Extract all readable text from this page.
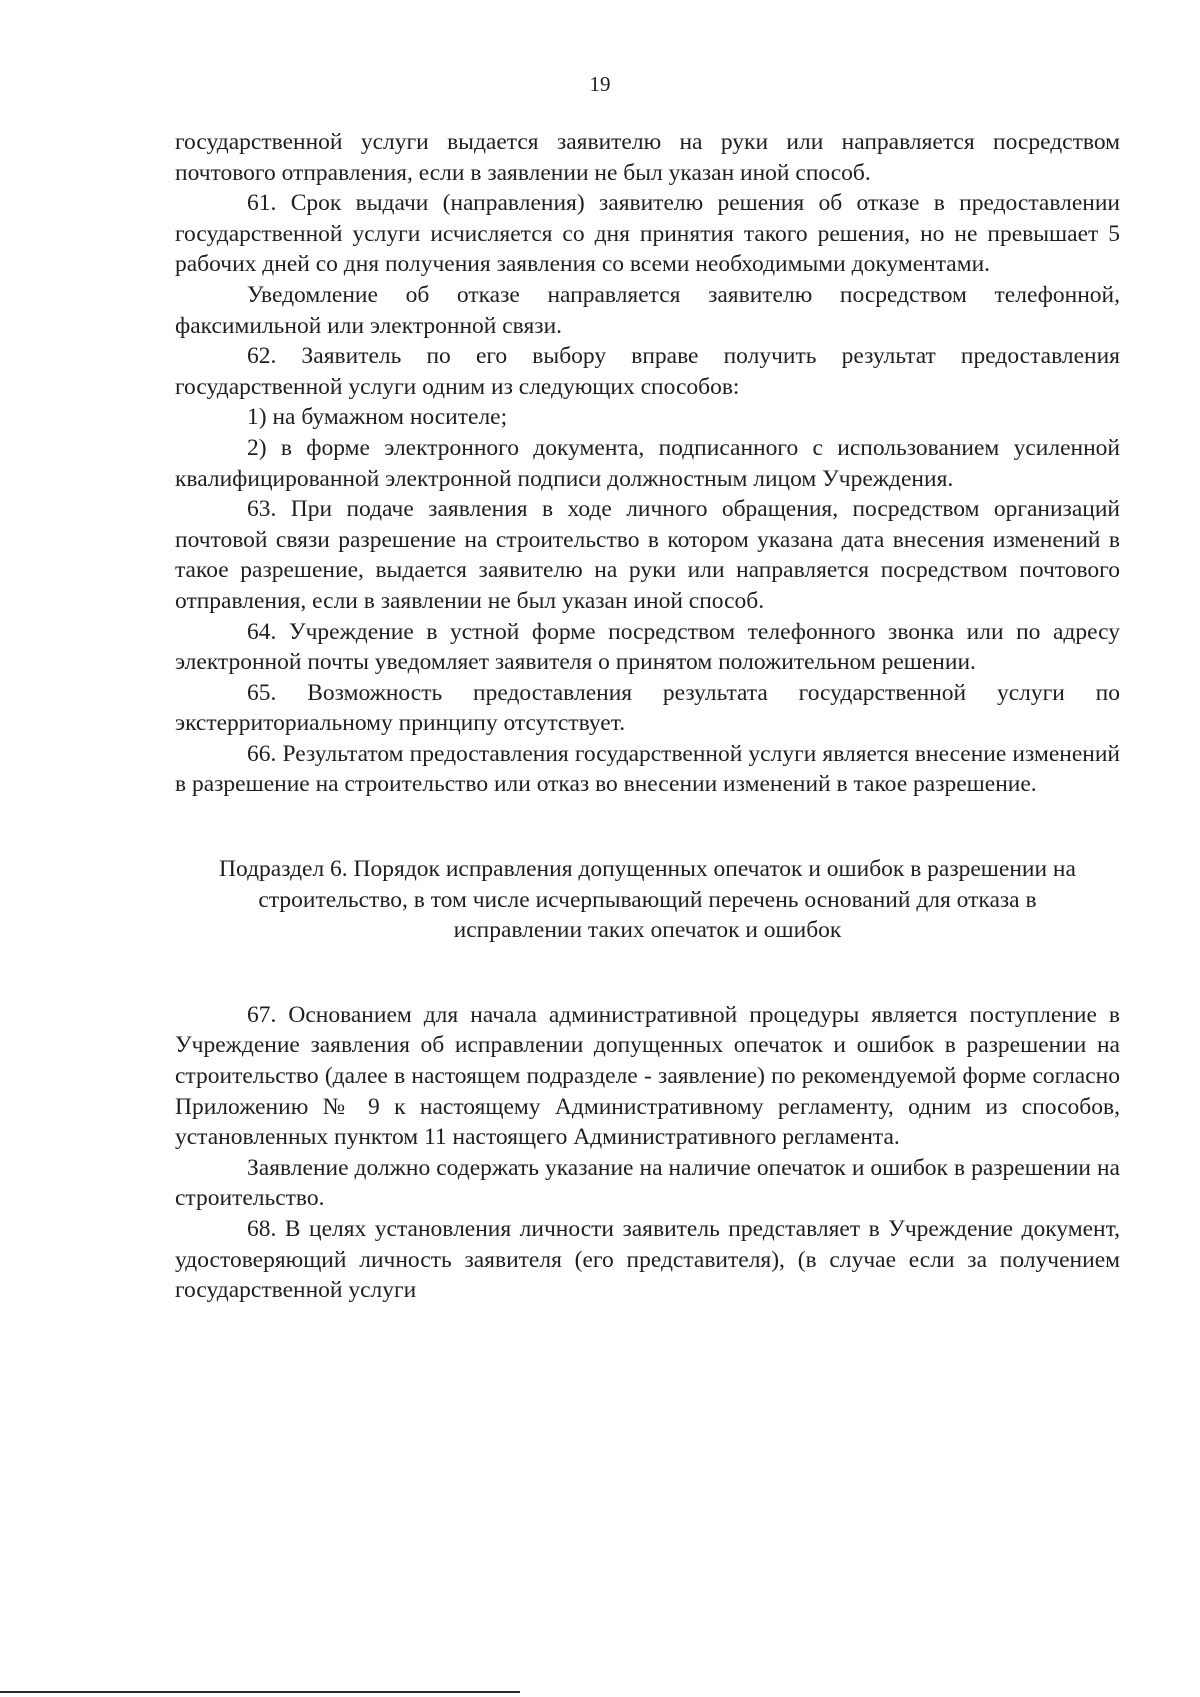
19

государственной услуги выдается заявителю на руки или направляется посредством почтового отправления, если в заявлении не был указан иной способ.

61. Срок выдачи (направления) заявителю решения об отказе в предоставлении государственной услуги исчисляется со дня принятия такого решения, но не превышает 5 рабочих дней со дня получения заявления со всеми необходимыми документами.

Уведомление об отказе направляется заявителю посредством телефонной, факсимильной или электронной связи.

62. Заявитель по его выбору вправе получить результат предоставления государственной услуги одним из следующих способов:

1) на бумажном носителе;

2) в форме электронного документа, подписанного с использованием усиленной квалифицированной электронной подписи должностным лицом Учреждения.

63. При подаче заявления в ходе личного обращения, посредством организаций почтовой связи разрешение на строительство в котором указана дата внесения изменений в такое разрешение, выдается заявителю на руки или направляется посредством почтового отправления, если в заявлении не был указан иной способ.

64. Учреждение в устной форме посредством телефонного звонка или по адресу электронной почты уведомляет заявителя о принятом положительном решении.

65. Возможность предоставления результата государственной услуги по экстерриториальному принципу отсутствует.

66. Результатом предоставления государственной услуги является внесение изменений в разрешение на строительство или отказ во внесении изменений в такое разрешение.

Подраздел 6. Порядок исправления допущенных опечаток и ошибок в разрешении на строительство, в том числе исчерпывающий перечень оснований для отказа в исправлении таких опечаток и ошибок

67. Основанием для начала административной процедуры является поступление в Учреждение заявления об исправлении допущенных опечаток и ошибок в разрешении на строительство (далее в настоящем подразделе - заявление) по рекомендуемой форме согласно Приложению № 9 к настоящему Административному регламенту, одним из способов, установленных пунктом 11 настоящего Административного регламента.

Заявление должно содержать указание на наличие опечаток и ошибок в разрешении на строительство.

68. В целях установления личности заявитель представляет в Учреждение документ, удостоверяющий личность заявителя (его представителя), (в случае если за получением государственной услуги
